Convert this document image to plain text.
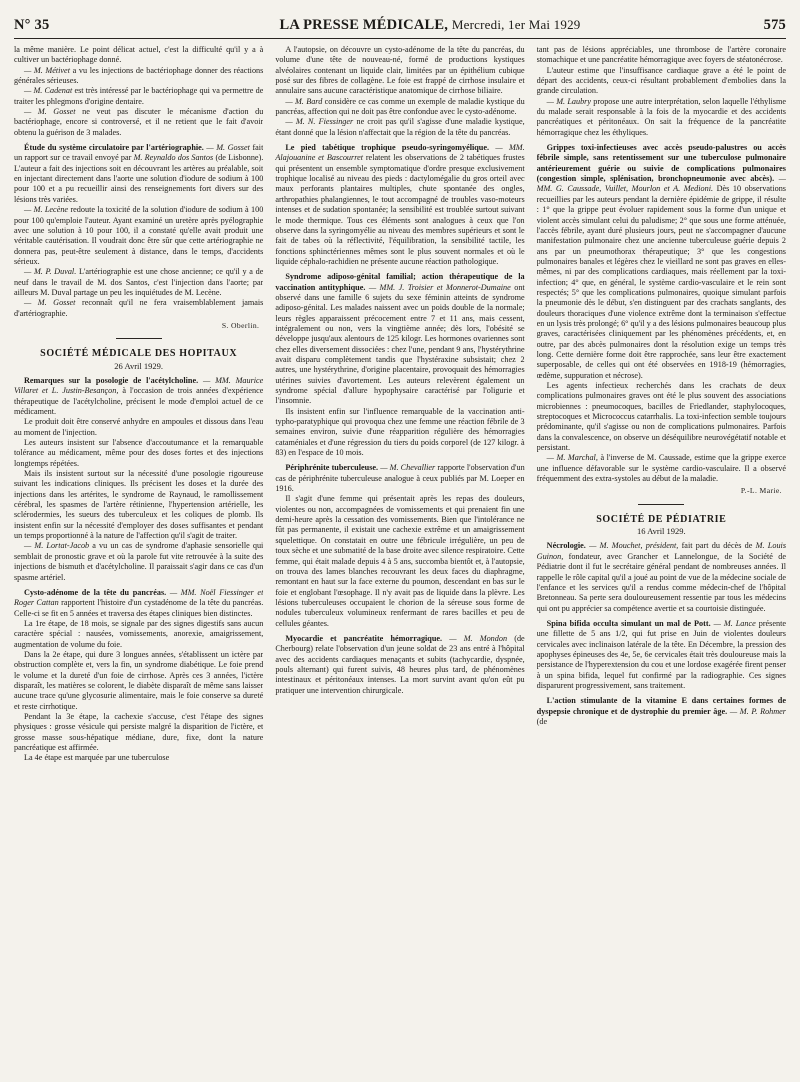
N° 35	LA PRESSE MÉDICALE, Mercredi, 1er Mai 1929	575

la même manière. Le point délicat actuel, c'est la difficulté qu'il y a à cultiver un bactériophage donné.

— M. Métivet a vu les injections de bactériophage donner des réactions générales sérieuses.

— M. Cadenat est très intéressé par le bactériophage qui va permettre de traiter les phlegmons d'origine dentaire.

— M. Gosset ne veut pas discuter le mécanisme d'action du bactériophage, encore si controversé, et il ne retient que le fait d'avoir obtenu la guérison de 3 malades.

Étude du système circulatoire par l'artériographie. — M. Gosset fait un rapport sur ce travail envoyé par M. Reynaldo dos Santos (de Lisbonne). L'auteur a fait des injections soit en découvrant les artères au préalable, soit en injectant directement dans l'aorte une solution d'iodure de sodium à 100 pour 100 et a pu recueillir ainsi des renseignements fort divers sur des lésions très variées.

— M. Lecène redoute la toxicité de la solution d'iodure de sodium à 100 pour 100 qu'emploie l'auteur. Ayant examiné un uretère après pyélographie avec une solution à 10 pour 100, il a constaté qu'elle avait produit une véritable cautérisation. Il voudrait donc être sûr que cette artériographie ne donnera pas, peut-être seulement à distance, dans le temps, d'accidents sérieux.

— M. P. Duval. L'artériographie est une chose ancienne; ce qu'il y a de neuf dans le travail de M. dos Santos, c'est l'injection dans l'aorte; par ailleurs M. Duval partage un peu les inquiétudes de M. Lecène.

— M. Gosset reconnaît qu'il ne fera vraisemblablement jamais d'artériographie.

S. Oberlin.
SOCIÉTÉ MÉDICALE DES HOPITAUX
26 Avril 1929.

Remarques sur la posologie de l'acétylcholine. — MM. Maurice Villaret et L. Justin-Besançon, à l'occasion de trois années d'expérience thérapeutique de l'acétylcholine, précisent le mode d'emploi actuel de ce médicament.

Le produit doit être conservé anhydre en ampoules et dissous dans l'eau au moment de l'injection.

Les auteurs insistent sur l'absence d'accoutumance et la remarquable tolérance au médicament, même pour des doses fortes et des injections longtemps répétées.

Mais ils insistent surtout sur la nécessité d'une posologie rigoureuse suivant les indications cliniques. Ils précisent les doses et la durée des injections dans les artérites, le syndrome de Raynaud, le ramollissement cérébral, les spasmes de l'artère rétinienne, l'hypertension artérielle, les sclérodermies, les sueurs des tuberculeux et les coliques de plomb. Ils insistent enfin sur la nécessité d'employer des doses suffisantes et pendant un temps proportionné à la nature de l'affection qu'il s'agit de traiter.

— M. Lortat-Jacob a vu un cas de syndrome d'aphasie sensorielle qui semblait de pronostic grave et où la parole fut vite retrouvée à la suite des injections de bismuth et d'acétylcholine. Il paraissait s'agir dans ce cas d'un spasme artériel.

Cysto-adénome de la tête du pancréas. — MM. Noël Fiessinger et Roger Cattan rapportent l'histoire d'un cystadénome de la tête du pancréas. Celle-ci se fit en 5 années et traversa des étapes cliniques bien distinctes.

La 1re étape, de 18 mois, se signale par des signes digestifs sans aucun caractère spécial : nausées, vomissements, anorexie, amaigrissement, augmentation de volume du foie.

Dans la 2e étape, qui dure 3 longues années, s'établissent un ictère par obstruction complète et, vers la fin, un syndrome diabétique. Le foie prend le volume et la dureté d'un foie de cirrhose. Après ces 3 années, l'ictère disparaît, les matières se colorent, le diabète disparaît de même sans laisser aucune trace qu'une glycosurie alimentaire, mais le foie conserve sa dureté et reste cirrhotique.

Pendant la 3e étape, la cachexie s'accuse, c'est l'étape des signes physiques : grosse vésicule qui persiste malgré la disparition de l'ictère, et grosse masse sous-hépatique médiane, dure, fixe, dont la nature pancréatique est affirmée.

La 4e étape est marquée par une tuberculose

A l'autopsie, on découvre un cysto-adénome de la tête du pancréas, du volume d'une tête de nouveau-né, formé de productions kystiques alvéolaires contenant un liquide clair, limitées par un épithélium cubique posé sur des fibres de collagène. Le foie est frappé de cirrhose insulaire et annulaire sans aucune caractéristique anatomique de cirrhose biliaire.

— M. Bard considère ce cas comme un exemple de maladie kystique du pancréas, affection qui ne doit pas être confondue avec le cysto-adénome.

— M. N. Fiessinger ne croit pas qu'il s'agisse d'une maladie kystique, étant donné que la lésion n'affectait que la région de la tête du pancréas.

Le pied tabétique trophique pseudo-syringomyélique. — MM. Alajouanine et Bascourret relatent les observations de 2 tabétiques frustes qui présentent un ensemble symptomatique d'ordre presque exclusivement trophique localisé au niveau des pieds : dactylomégalie du gros orteil avec maux perforants plantaires multiples, chute spontanée des ongles, arthropathies phalangiennes, le tout accompagné de troubles vaso-moteurs intenses et de sudation spontanée; la sensibilité est troublée surtout suivant le mode thermique. Tous ces éléments sont analogues à ceux que l'on observe dans la syringomyélie au niveau des membres supérieurs et sont le fait de tabes où la réflectivité, l'équilibration, la sensibilité tactile, les fonctions sphinctériennes mêmes sont le plus souvent normales et où le liquide céphalo-rachidien ne présente aucune réaction pathologique.

Syndrome adiposo-génital familial; action thérapeutique de la vaccination antityphique. — MM. J. Troisier et Monnerot-Dumaine ont observé dans une famille 6 sujets du sexe féminin atteints de syndrome adiposo-génital. Les malades naissent avec un poids double de la normale; leurs règles apparaissent précocement entre 7 et 11 ans, mais cessent, intégralement ou non, vers la vingtième année; dès lors, l'obésité se développe jusqu'aux alentours de 125 kilogr. Les hormones ovariennes sont chez elles diversement dissociées : chez l'une, pendant 9 ans, l'hystérythrine avait disparu complètement tandis que l'hystéraxine subsistait; chez 2 autres, une hystérythrine, d'origine placentaire, provoquait des hémorragies utérines suivies d'avortement. Les auteurs relevèrent également un syndrome spécial d'allure hypophysaire caractérisé par l'oligurie et l'insomnie.

Ils insistent enfin sur l'influence remarquable de la vaccination anti-typho-paratyphique qui provoqua chez une femme une réaction fébrile de 3 semaines environ, suivie d'une réapparition régulière des hémorragies cataméniales et d'une régression du tiers du poids corporel (de 127 kilogr. à 83) en l'espace de 10 mois.

Périphrénite tuberculeuse. — M. Chevallier rapporte l'observation d'un cas de périphrénite tuberculeuse analogue à ceux publiés par M. Loeper en 1916.

Il s'agit d'une femme qui présentait après les repas des douleurs, violentes ou non, accompagnées de vomissements et qui prenaient fin une demi-heure après la cessation des vomissements. Bien que l'intolérance ne fût pas permanente, il existait une cachexie extrême et un amaigrissement squelettique. On constatait en outre une fébricule irrégulière, un peu de toux sèche et une submatité de la base droite avec silence respiratoire. Cette femme, qui était malade depuis 4 à 5 ans, succomba bientôt et, à l'autopsie, on trouva des lames blanches recouvrant les deux faces du diaphragme, remontant en haut sur la face externe du poumon, descendant en bas sur le foie et englobant l'œsophage. Il n'y avait pas de liquide dans la plèvre. Les lésions tuberculeuses occupaient le chorion de la séreuse sous forme de nodules tuberculeux volumineux renfermant de rares bacilles et peu de cellules géantes.

Myocardie et pancréatite hémorragique. — M. Mondon (de Cherbourg) relate l'observation d'un jeune soldat de 23 ans entré à l'hôpital avec des accidents cardiaques menaçants et subits (tachycardie, dyspnée, pouls alternant) qui furent suivis, 48 heures plus tard, de phénomènes intestinaux et péritonéaux intenses. La mort survint avant qu'on eût pu pratiquer une intervention chirurgicale.

tant pas de lésions appréciables, une thrombose de l'artère coronaire stomachique et une pancréatite hémorragique avec foyers de stéatonécrose.

L'auteur estime que l'insuffisance cardiaque grave a été le point de départ des accidents, ceux-ci résultant probablement d'embolies dans la grande circulation.

— M. Laubry propose une autre interprétation, selon laquelle l'éthylisme du malade serait responsable à la fois de la myocardie et des accidents pancréatiques et péritonéaux. On sait la fréquence de la pancréatite hémorragique chez les éthyliques.

Grippes toxi-infectieuses avec accès pseudo-palustres ou accès fébrile simple, sans retentissement sur une tuberculose pulmonaire antérieurement guérie ou suivie de complications pulmonaires (congestion simple, splénisation, bronchopneumonie avec abcès). — MM. G. Caussade, Vuillet, Mourlon et A. Medioni. Dès 10 observations recueillies par les auteurs pendant la dernière épidémie de grippe, il résulte : 1° que la grippe peut évoluer rapidement sous la forme d'un unique et violent accès simulant celui du paludisme; 2° que sous une forme atténuée, l'accès fébrile, ayant duré plusieurs jours, peut ne s'accompagner d'aucune manifestation pulmonaire chez une ancienne tuberculeuse guérie depuis 2 ans par un pneumothorax thérapeutique; 3° que les congestions pulmonaires banales et légères chez le vieillard ne sont pas graves en elles-mêmes, ni par des complications cardiaques, mais réellement par la toxi-infection; 4° que, en général, le système cardio-vasculaire et le rein sont respectés; 5° que les complications pulmonaires, quoique simulant parfois la pneumonie dès le début, s'en distinguent par des crachats sanglants, des douleurs thoraciques d'une violence extrême dont la terminaison s'effectue en un lysis très prolongé; 6° qu'il y a des lésions pulmonaires beaucoup plus graves, caractérisées cliniquement par les phénomènes précédents, et, en outre, par des abcès pulmonaires dont la résolution exige un temps très long. Cette dernière forme doit être rapprochée, sans leur être exactement superposable, de celles qui ont été observées en 1918-19 (hémorragies, œdème, suppuration et nécrose).

Les agents infectieux recherchés dans les crachats de deux complications pulmonaires graves ont été le plus souvent des associations microbiennes : pneumocoques, bacilles de Friedlander, staphylocoques, streptocoques et Micrococcus catarrhalis. La toxi-infection semble toujours prédominante, qu'il s'agisse ou non de complications pulmonaires. Parfois dans la convalescence, on observe un déséquilibre neurovégétatif notable et persistant.

— M. Marchal, à l'inverse de M. Caussade, estime que la grippe exerce une influence défavorable sur le système cardio-vasculaire. Il a observé fréquemment des extra-systoles au début de la maladie.

P.-L. Marie.
SOCIÉTÉ DE PÉDIATRIE
16 Avril 1929.

Nécrologie. — M. Mouchet, président, fait part du décès de M. Louis Guinon, fondateur, avec Grancher et Lannelongue, de la Société de Pédiatrie dont il fut le secrétaire général pendant de nombreuses années. Il rappelle le rôle capital qu'il a joué au point de vue de la médecine sociale de l'enfance et les services qu'il a rendus comme médecin-chef de l'hôpital Bretonneau. Sa perte sera douloureusement ressentie par tous les médecins qui ont pu apprécier sa compétence avertie et sa courtoisie distinguée.

Spina bifida occulta simulant un mal de Pott. — M. Lance présente une fillette de 5 ans 1/2, qui fut prise en Juin de violentes douleurs cervicales avec inclinaison latérale de la tête. En Décembre, la pression des apophyses épineuses des 4e, 5e, 6e cervicales était très douloureuse mais la persistance de l'hyperextension du cou et une lordose exagérée firent penser à un spina bifida, lequel fut confirmé par la radiographie. Ces signes disparurent progressivement, sans traitement.

L'action stimulante de la vitamine E dans certaines formes de dyspepsie chronique et de dystrophie du premier âge. — M. P. Rohmer (de
